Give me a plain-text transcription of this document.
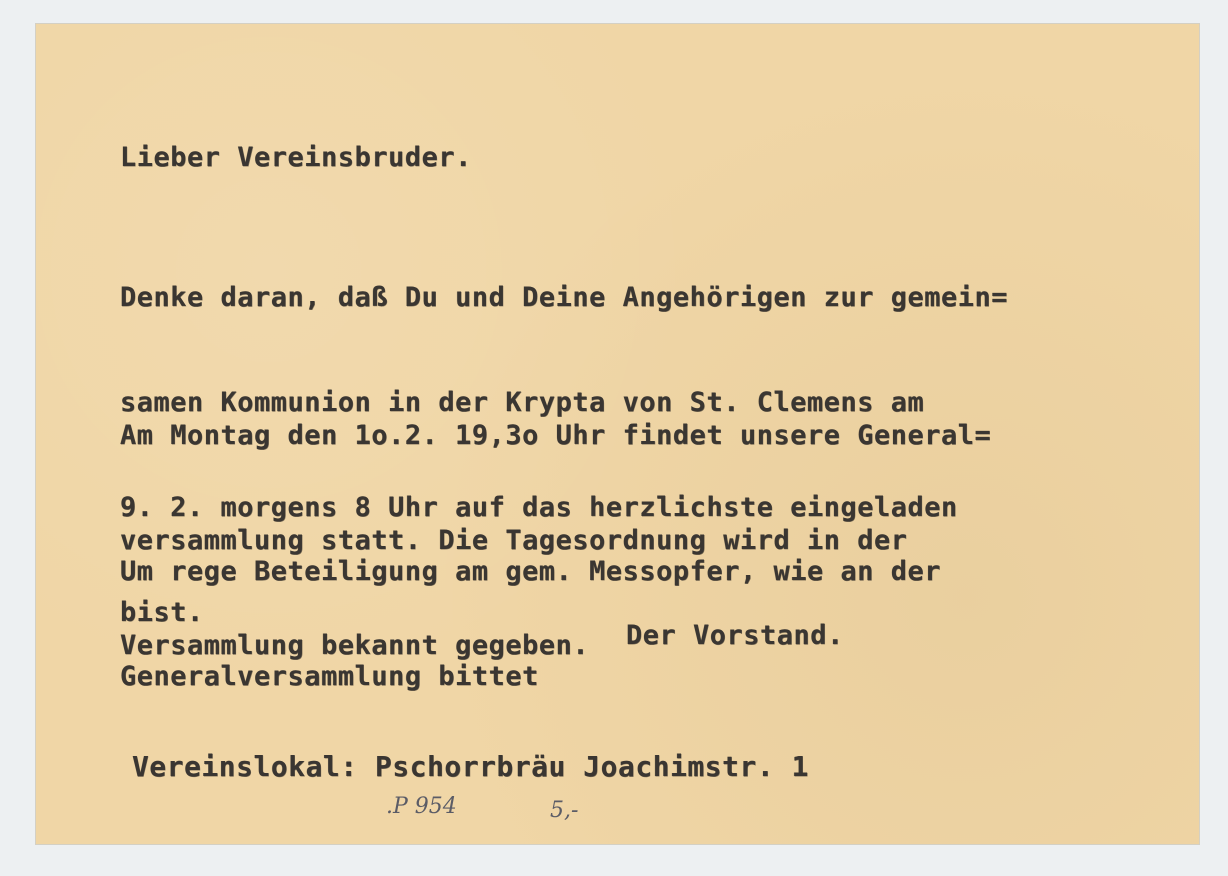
Lieber Vereinsbruder.

Denke daran, daß Du und Deine Angehörigen zur gemein=

samen Kommunion in der Krypta von St. Clemens am

9. 2. morgens 8 Uhr auf das herzlichste eingeladen

bist.

Am Montag den 1o.2. 19,3o Uhr findet unsere General=

versammlung statt. Die Tagesordnung wird in der

Versammlung bekannt gegeben.

Um rege Beteiligung am gem. Messopfer, wie an der

Generalversammlung bittet

Der Vorstand.
Vereinslokal: Pschorrbräu Joachimstr. 1
.P 954	5,-
